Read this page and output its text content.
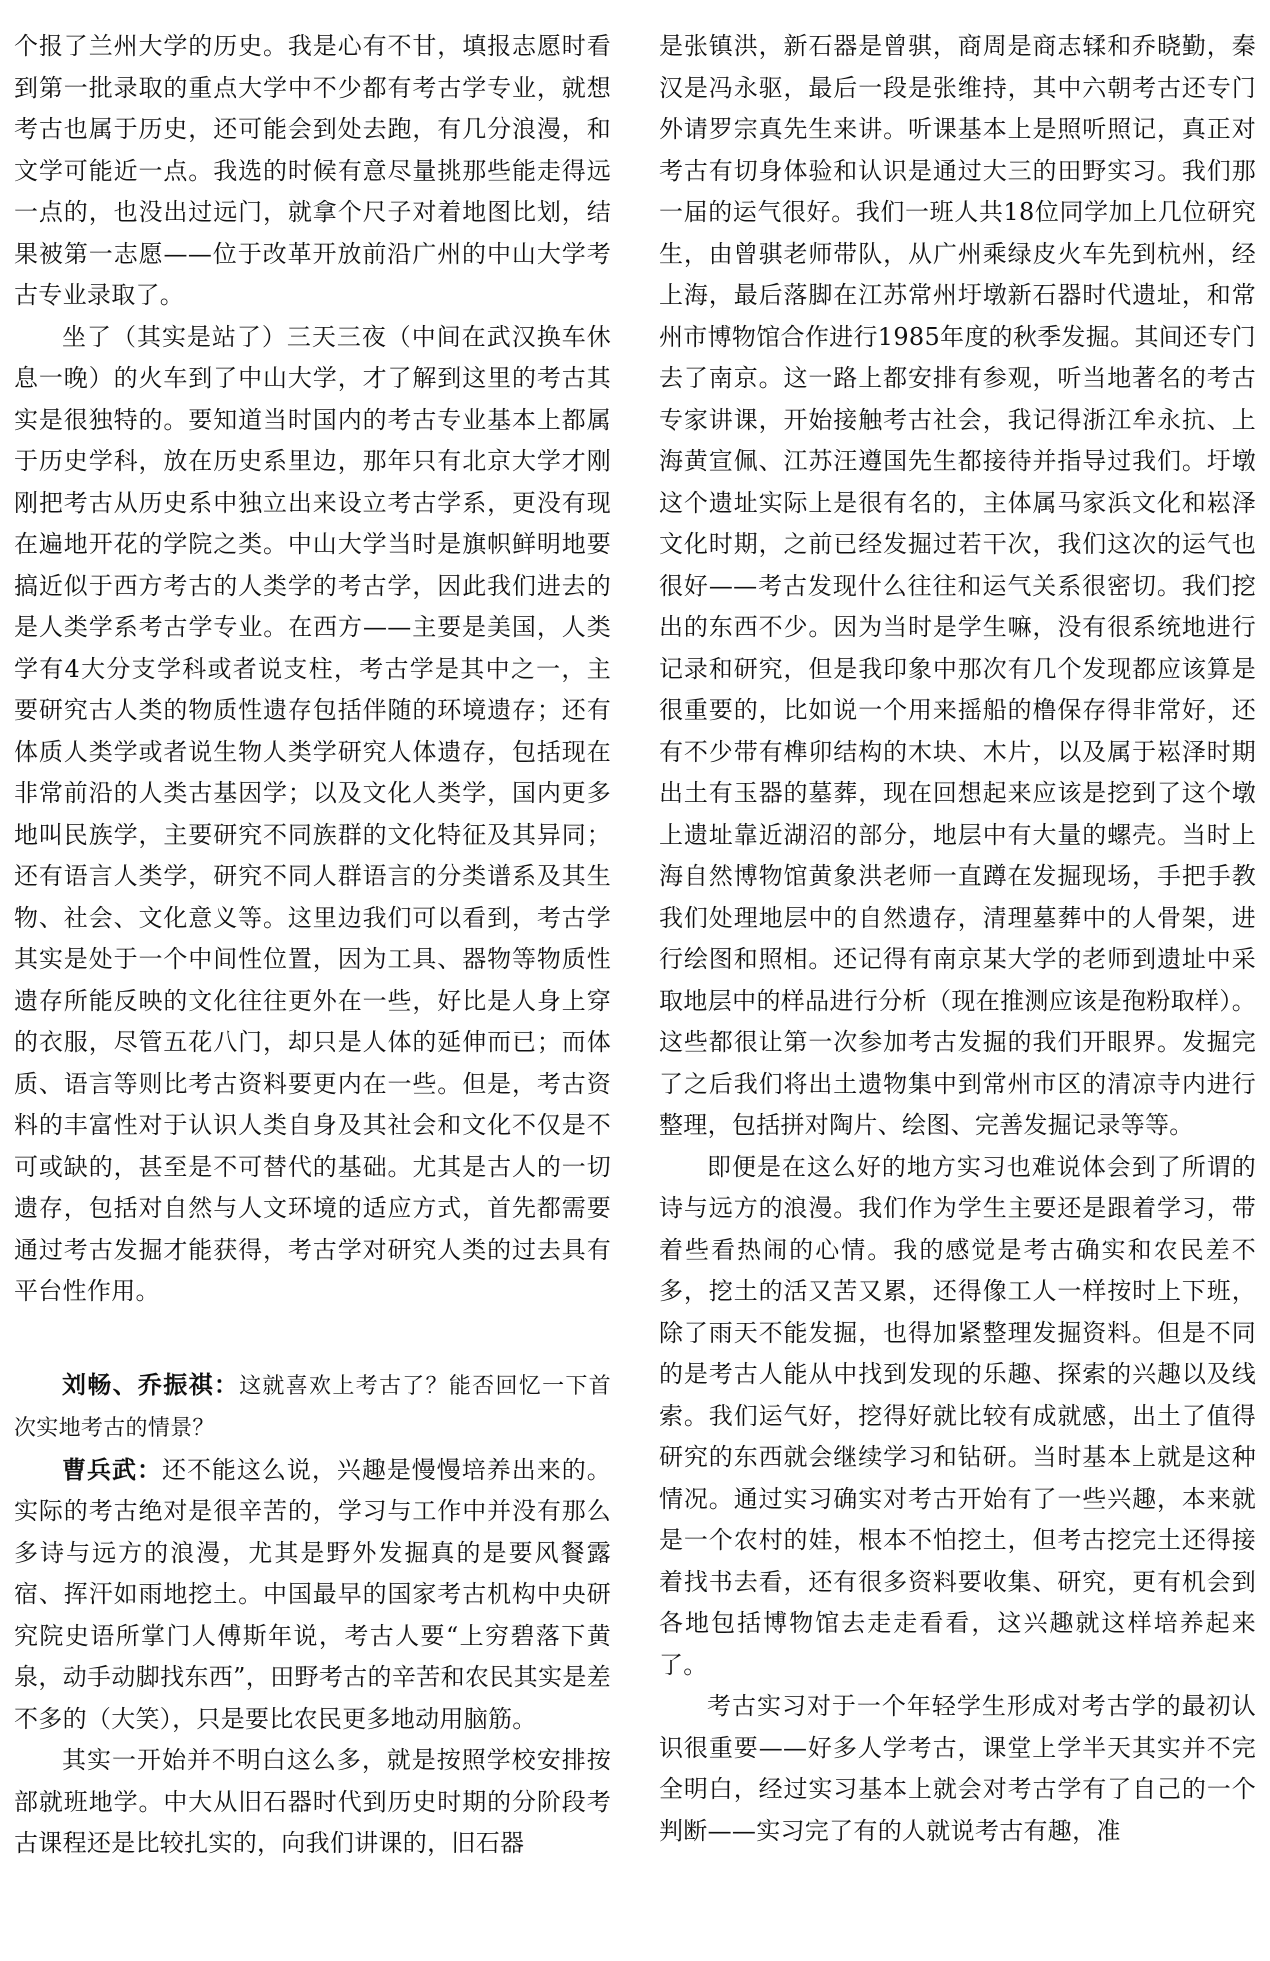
个报了兰州大学的历史。我是心有不甘，填报志愿时看到第一批录取的重点大学中不少都有考古学专业，就想考古也属于历史，还可能会到处去跑，有几分浪漫，和文学可能近一点。我选的时候有意尽量挑那些能走得远一点的，也没出过远门，就拿个尺子对着地图比划，结果被第一志愿——位于改革开放前沿广州的中山大学考古专业录取了。

坐了（其实是站了）三天三夜（中间在武汉换车休息一晚）的火车到了中山大学，才了解到这里的考古其实是很独特的。要知道当时国内的考古专业基本上都属于历史学科，放在历史系里边，那年只有北京大学才刚刚把考古从历史系中独立出来设立考古学系，更没有现在遍地开花的学院之类。中山大学当时是旗帜鲜明地要搞近似于西方考古的人类学的考古学，因此我们进去的是人类学系考古学专业。在西方——主要是美国，人类学有4大分支学科或者说支柱，考古学是其中之一，主要研究古人类的物质性遗存包括伴随的环境遗存；还有体质人类学或者说生物人类学研究人体遗存，包括现在非常前沿的人类古基因学；以及文化人类学，国内更多地叫民族学，主要研究不同族群的文化特征及其异同；还有语言人类学，研究不同人群语言的分类谱系及其生物、社会、文化意义等。这里边我们可以看到，考古学其实是处于一个中间性位置，因为工具、器物等物质性遗存所能反映的文化往往更外在一些，好比是人身上穿的衣服，尽管五花八门，却只是人体的延伸而已；而体质、语言等则比考古资料要更内在一些。但是，考古资料的丰富性对于认识人类自身及其社会和文化不仅是不可或缺的，甚至是不可替代的基础。尤其是古人的一切遗存，包括对自然与人文环境的适应方式，首先都需要通过考古发掘才能获得，考古学对研究人类的过去具有平台性作用。

刘畅、乔振祺：这就喜欢上考古了？能否回忆一下首次实地考古的情景？

曹兵武：还不能这么说，兴趣是慢慢培养出来的。实际的考古绝对是很辛苦的，学习与工作中并没有那么多诗与远方的浪漫，尤其是野外发掘真的是要风餐露宿、挥汗如雨地挖土。中国最早的国家考古机构中央研究院史语所掌门人傅斯年说，考古人要“上穷碧落下黄泉，动手动脚找东西”，田野考古的辛苦和农民其实是差不多的（大笑），只是要比农民更多地动用脑筋。

其实一开始并不明白这么多，就是按照学校安排按部就班地学。中大从旧石器时代到历史时期的分阶段考古课程还是比较扎实的，向我们讲课的，旧石器

是张镇洪，新石器是曾骐，商周是商志𫐓和乔晓勤，秦汉是冯永驱，最后一段是张维持，其中六朝考古还专门外请罗宗真先生来讲。听课基本上是照听照记，真正对考古有切身体验和认识是通过大三的田野实习。我们那一届的运气很好。我们一班人共18位同学加上几位研究生，由曾骐老师带队，从广州乘绿皮火车先到杭州，经上海，最后落脚在江苏常州圩墩新石器时代遗址，和常州市博物馆合作进行1985年度的秋季发掘。其间还专门去了南京。这一路上都安排有参观，听当地著名的考古专家讲课，开始接触考古社会，我记得浙江牟永抗、上海黄宣佩、江苏汪遵国先生都接待并指导过我们。圩墩这个遗址实际上是很有名的，主体属马家浜文化和崧泽文化时期，之前已经发掘过若干次，我们这次的运气也很好——考古发现什么往往和运气关系很密切。我们挖出的东西不少。因为当时是学生嘛，没有很系统地进行记录和研究，但是我印象中那次有几个发现都应该算是很重要的，比如说一个用来摇船的橹保存得非常好，还有不少带有榫卯结构的木块、木片，以及属于崧泽时期出土有玉器的墓葬，现在回想起来应该是挖到了这个墩上遗址靠近湖沼的部分，地层中有大量的螺壳。当时上海自然博物馆黄象洪老师一直蹲在发掘现场，手把手教我们处理地层中的自然遗存，清理墓葬中的人骨架，进行绘图和照相。还记得有南京某大学的老师到遗址中采取地层中的样品进行分析（现在推测应该是孢粉取样）。这些都很让第一次参加考古发掘的我们开眼界。发掘完了之后我们将出土遗物集中到常州市区的清凉寺内进行整理，包括拼对陶片、绘图、完善发掘记录等等。

即便是在这么好的地方实习也难说体会到了所谓的诗与远方的浪漫。我们作为学生主要还是跟着学习，带着些看热闹的心情。我的感觉是考古确实和农民差不多，挖土的活又苦又累，还得像工人一样按时上下班，除了雨天不能发掘，也得加紧整理发掘资料。但是不同的是考古人能从中找到发现的乐趣、探索的兴趣以及线索。我们运气好，挖得好就比较有成就感，出土了值得研究的东西就会继续学习和钻研。当时基本上就是这种情况。通过实习确实对考古开始有了一些兴趣，本来就是一个农村的娃，根本不怕挖土，但考古挖完土还得接着找书去看，还有很多资料要收集、研究，更有机会到各地包括博物馆去走走看看，这兴趣就这样培养起来了。

考古实习对于一个年轻学生形成对考古学的最初认识很重要——好多人学考古，课堂上学半天其实并不完全明白，经过实习基本上就会对考古学有了自己的一个判断——实习完了有的人就说考古有趣，准
